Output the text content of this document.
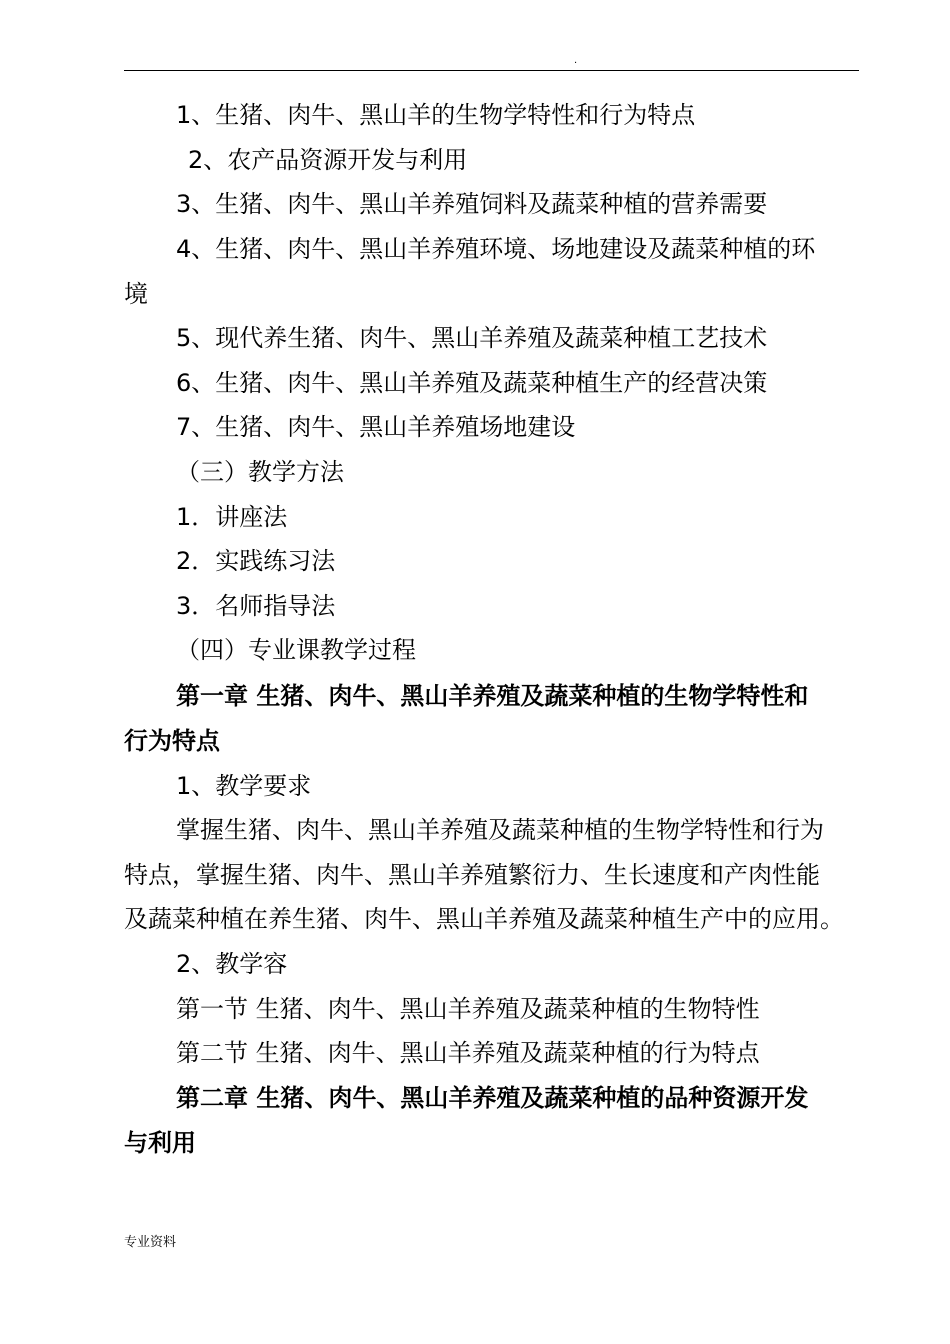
.
1、生猪、肉牛、黑山羊的生物学特性和行为特点
2、农产品资源开发与利用
3、生猪、肉牛、黑山羊养殖饲料及蔬菜种植的营养需要
4、生猪、肉牛、黑山羊养殖环境、场地建设及蔬菜种植的环
境
5、现代养生猪、肉牛、黑山羊养殖及蔬菜种植工艺技术
6、生猪、肉牛、黑山羊养殖及蔬菜种植生产的经营决策
7、生猪、肉牛、黑山羊养殖场地建设
（三）教学方法
1．讲座法
2．实践练习法
3．名师指导法
（四）专业课教学过程
第一章 生猪、肉牛、黑山羊养殖及蔬菜种植的生物学特性和
行为特点
1、教学要求
掌握生猪、肉牛、黑山羊养殖及蔬菜种植的生物学特性和行为
特点，掌握生猪、肉牛、黑山羊养殖繁衍力、生长速度和产肉性能
及蔬菜种植在养生猪、肉牛、黑山羊养殖及蔬菜种植生产中的应用。
2、教学容
第一节 生猪、肉牛、黑山羊养殖及蔬菜种植的生物特性
第二节 生猪、肉牛、黑山羊养殖及蔬菜种植的行为特点
第二章 生猪、肉牛、黑山羊养殖及蔬菜种植的品种资源开发
与利用
专业资料
